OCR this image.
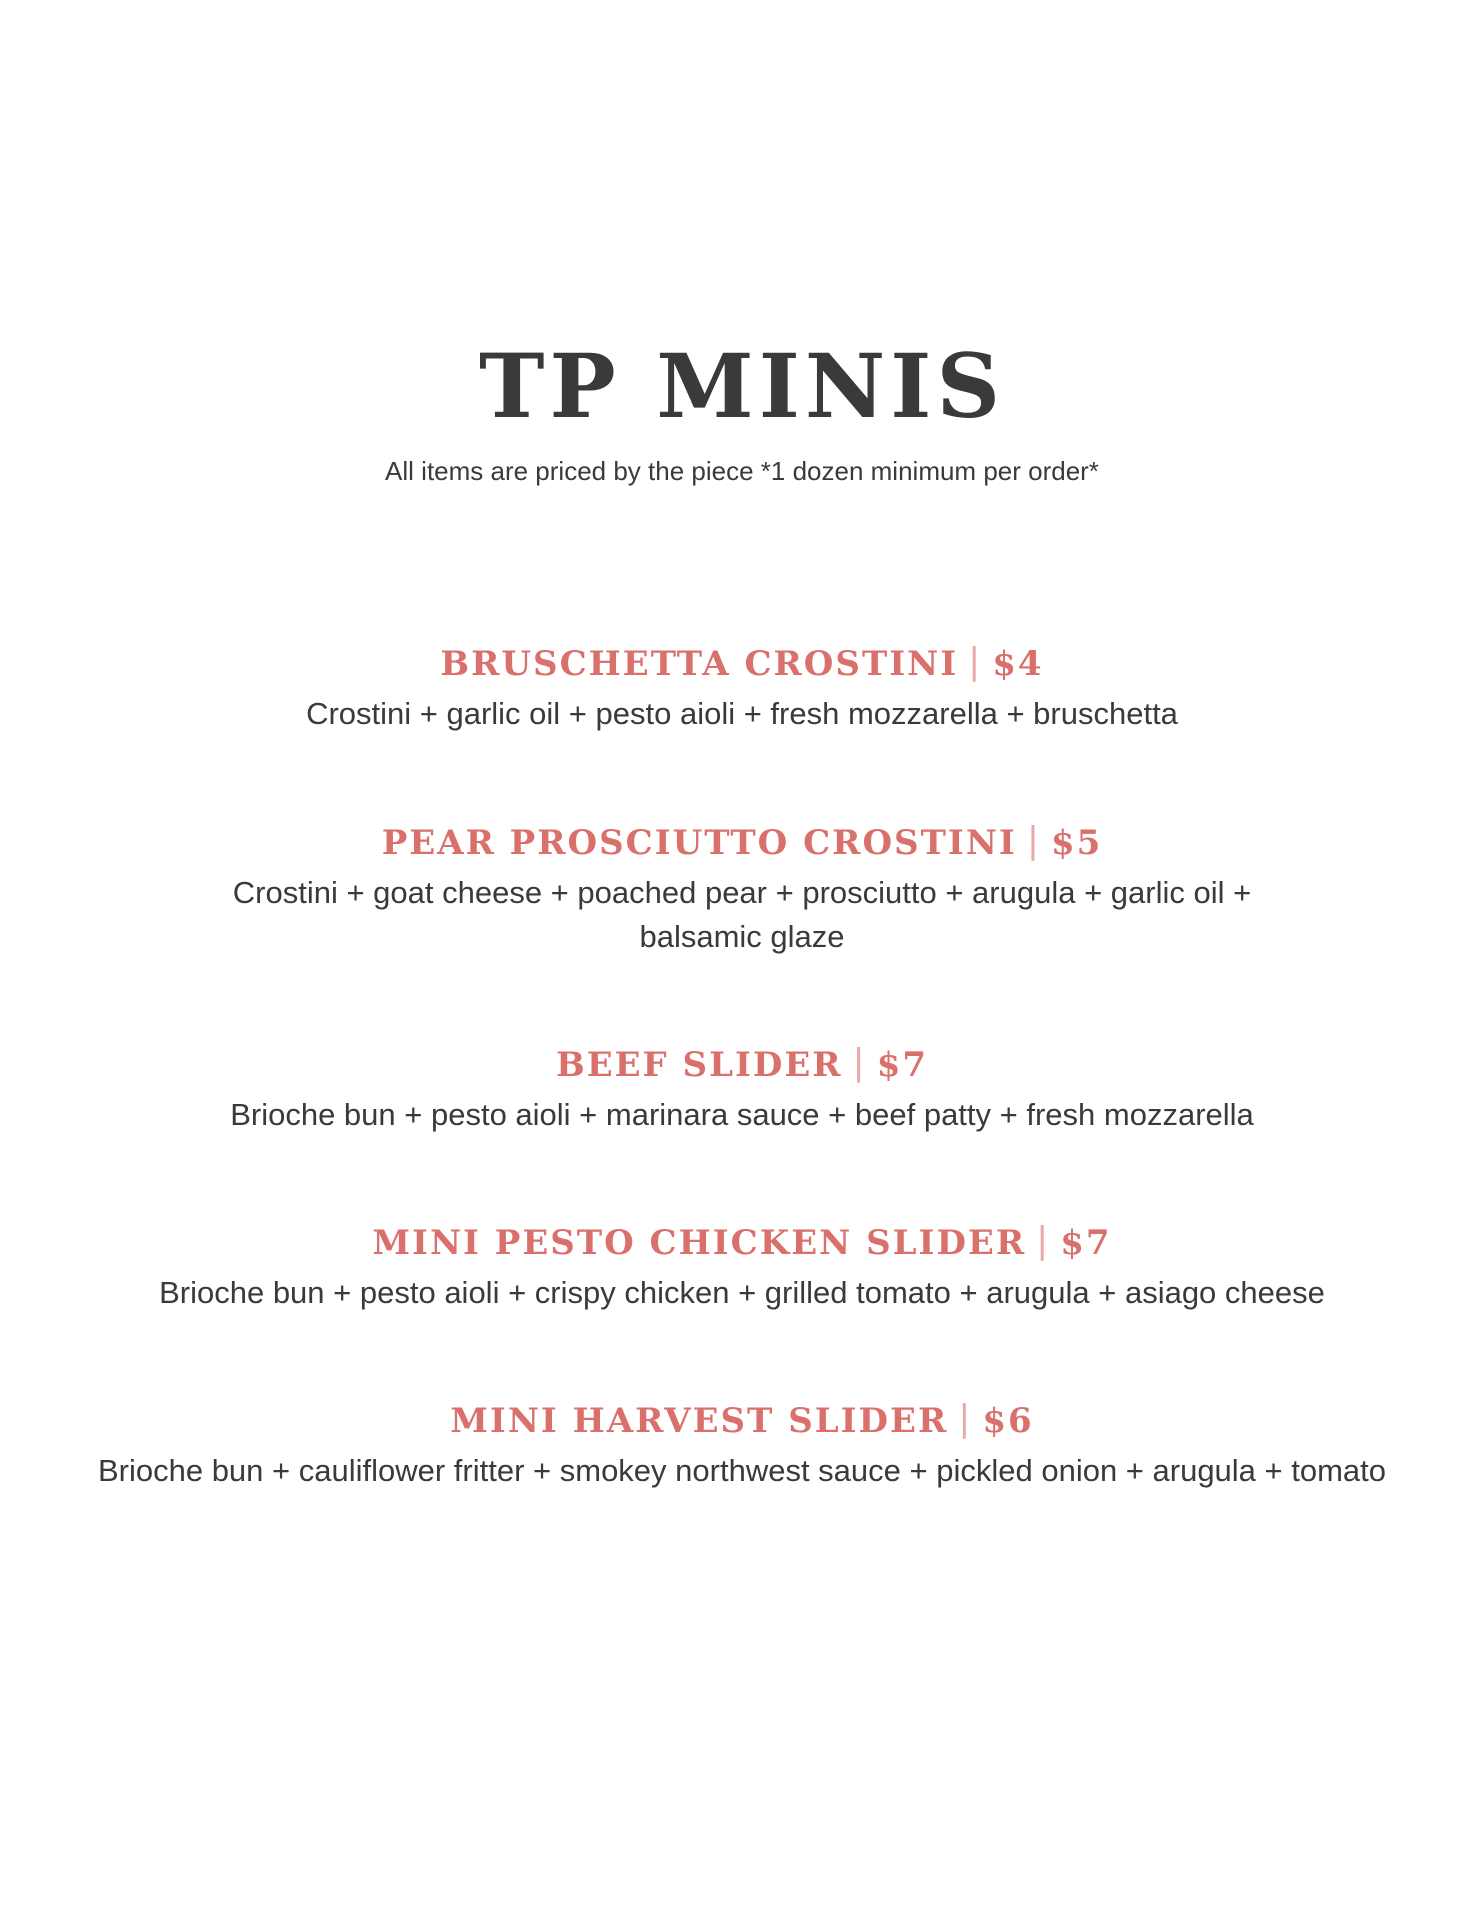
TP MINIS
All items are priced by the piece *1 dozen minimum per order*
BRUSCHETTA CROSTINI | $4
Crostini + garlic oil + pesto aioli + fresh mozzarella + bruschetta
PEAR PROSCIUTTO CROSTINI | $5
Crostini + goat cheese + poached pear + prosciutto + arugula + garlic oil + balsamic glaze
BEEF SLIDER | $7
Brioche bun + pesto aioli + marinara sauce + beef patty + fresh mozzarella
MINI PESTO CHICKEN SLIDER | $7
Brioche bun + pesto aioli + crispy chicken + grilled tomato + arugula + asiago cheese
MINI HARVEST SLIDER | $6
Brioche bun + cauliflower fritter + smokey northwest sauce + pickled onion + arugula + tomato
